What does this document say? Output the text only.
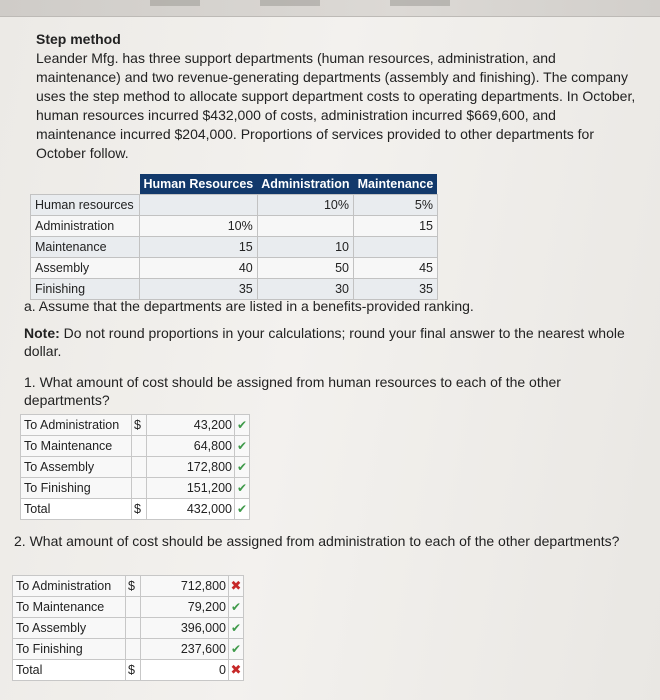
Step method

Leander Mfg. has three support departments (human resources, administration, and maintenance) and two revenue-generating departments (assembly and finishing). The company uses the step method to allocate support department costs to operating departments. In October, human resources incurred $432,000 of costs, administration incurred $669,600, and maintenance incurred $204,000. Proportions of services provided to other departments for October follow.

	Human Resources	Administration	Maintenance
Human resources		10%	5%
Administration	10%		15
Maintenance	15	10	
Assembly	40	50	45
Finishing	35	30	35
a. Assume that the departments are listed in a benefits-provided ranking.
Note: Do not round proportions in your calculations; round your final answer to the nearest whole dollar.
1. What amount of cost should be assigned from human resources to each of the other departments?
To Administration	$	43,200	✔
To Maintenance		64,800	✔
To Assembly		172,800	✔
To Finishing		151,200	✔
Total	$	432,000	✔
2. What amount of cost should be assigned from administration to each of the other departments?
To Administration	$	712,800	✖
To Maintenance		79,200	✔
To Assembly		396,000	✔
To Finishing		237,600	✔
Total	$	0	✖
